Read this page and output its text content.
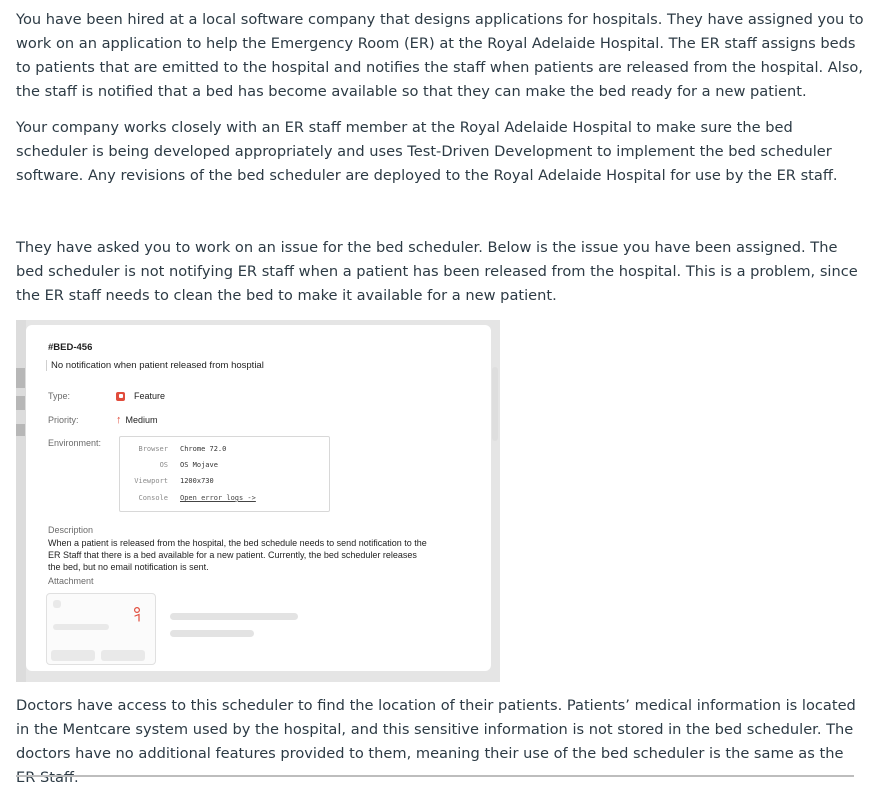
You have been hired at a local software company that designs applications for hospitals. They have assigned you to work on an application to help the Emergency Room (ER) at the Royal Adelaide Hospital. The ER staff assigns beds to patients that are emitted to the hospital and notifies the staff when patients are released from the hospital. Also, the staff is notified that a bed has become available so that they can make the bed ready for a new patient.

Your company works closely with an ER staff member at the Royal Adelaide Hospital to make sure the bed scheduler is being developed appropriately and uses Test-Driven Development to implement the bed scheduler software. Any revisions of the bed scheduler are deployed to the Royal Adelaide Hospital for use by the ER staff.

They have asked you to work on an issue for the bed scheduler. Below is the issue you have been assigned. The bed scheduler is not notifying ER staff when a patient has been released from the hospital. This is a problem, since the ER staff needs to clean the bed to make it available for a new patient.

#BED-456
No notification when patient released from hosptial
Type:	Feature
Priority:	↑ Medium
Environment:
Browser Chrome 72.0
OS OS Mojave
Viewport 1200x730
Console Open error logs ->
Description
When a patient is released from the hospital, the bed schedule needs to send notification to the ER Staff that there is a bed available for a new patient. Currently, the bed scheduler releases the bed, but no email notification is sent.
Attachment

Doctors have access to this scheduler to find the location of their patients. Patients’ medical information is located in the Mentcare system used by the hospital, and this sensitive information is not stored in the bed scheduler. The doctors have no additional features provided to them, meaning their use of the bed scheduler is the same as the ER Staff.
